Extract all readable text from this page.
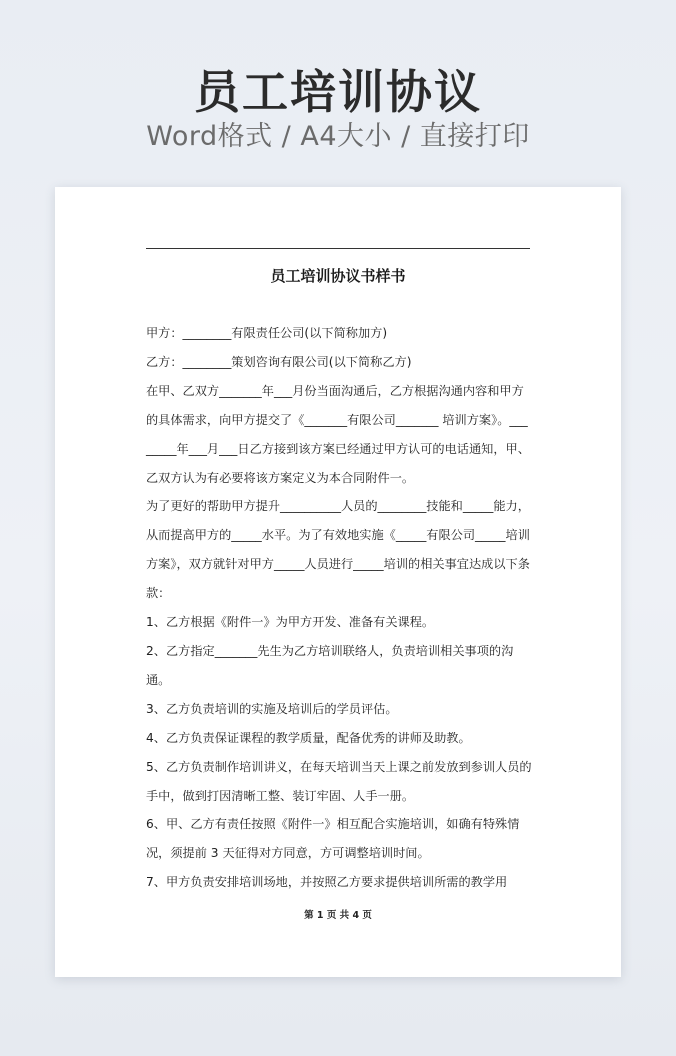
员工培训协议
Word格式 / A4大小 / 直接打印
员工培训协议书样书

甲方：________有限责任公司(以下简称加方)

乙方：________策划咨询有限公司(以下简称乙方)

在甲、乙双方_______年___月份当面沟通后，乙方根据沟通内容和甲方的具体需求，向甲方提交了《_______有限公司_______ 培训方案》。________年___月___日乙方接到该方案已经通过甲方认可的电话通知，甲、乙双方认为有必要将该方案定义为本合同附件一。

为了更好的帮助甲方提升__________人员的________技能和_____能力，从而提高甲方的_____水平。为了有效地实施《_____有限公司_____培训方案》，双方就针对甲方_____人员进行_____培训的相关事宜达成以下条款：

1、乙方根据《附件一》为甲方开发、准备有关课程。

2、乙方指定_______先生为乙方培训联络人，负责培训相关事项的沟通。

3、乙方负责培训的实施及培训后的学员评估。

4、乙方负责保证课程的教学质量，配备优秀的讲师及助教。

5、乙方负责制作培训讲义，在每天培训当天上课之前发放到参训人员的手中，做到打因清晰工整、装订牢固、人手一册。

6、甲、乙方有责任按照《附件一》相互配合实施培训，如确有特殊情况，须提前 3 天征得对方同意，方可调整培训时间。

7、甲方负责安排培训场地，并按照乙方要求提供培训所需的教学用

第 1 页 共 4 页
